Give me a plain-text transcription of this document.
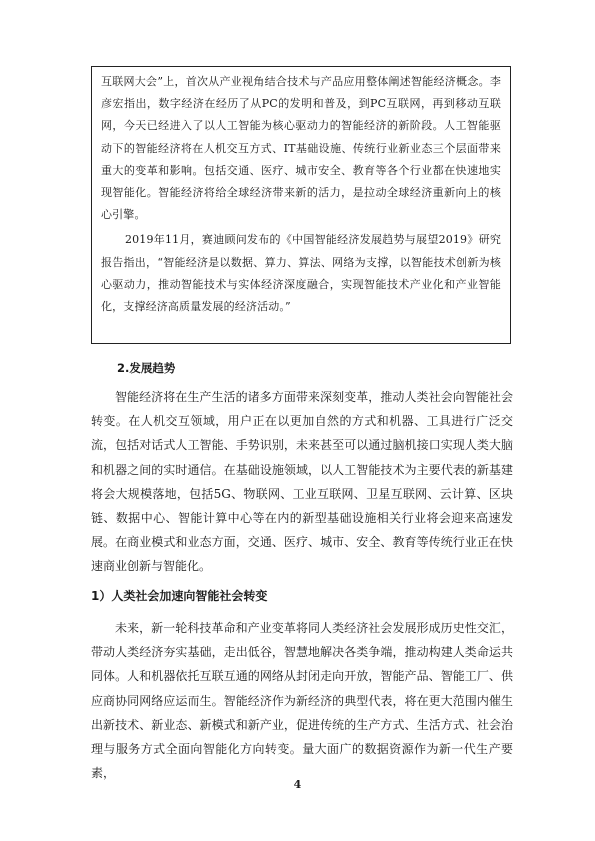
互联网大会”上，首次从产业视角结合技术与产品应用整体阐述智能经济概念。李彦宏指出，数字经济在经历了从PC的发明和普及，到PC互联网，再到移动互联网，今天已经进入了以人工智能为核心驱动力的智能经济的新阶段。人工智能驱动下的智能经济将在人机交互方式、IT基础设施、传统行业新业态三个层面带来重大的变革和影响。包括交通、医疗、城市安全、教育等各个行业都在快速地实现智能化。智能经济将给全球经济带来新的活力，是拉动全球经济重新向上的核心引擎。

2019年11月，赛迪顾问发布的《中国智能经济发展趋势与展望2019》研究报告指出，“智能经济是以数据、算力、算法、网络为支撑，以智能技术创新为核心驱动力，推动智能技术与实体经济深度融合，实现智能技术产业化和产业智能化，支撑经济高质量发展的经济活动。”

2.发展趋势

智能经济将在生产生活的诸多方面带来深刻变革，推动人类社会向智能社会转变。在人机交互领域，用户正在以更加自然的方式和机器、工具进行广泛交流，包括对话式人工智能、手势识别，未来甚至可以通过脑机接口实现人类大脑和机器之间的实时通信。在基础设施领域，以人工智能技术为主要代表的新基建将会大规模落地，包括5G、物联网、工业互联网、卫星互联网、云计算、区块链、数据中心、智能计算中心等在内的新型基础设施相关行业将会迎来高速发展。在商业模式和业态方面，交通、医疗、城市、安全、教育等传统行业正在快速商业创新与智能化。

1）人类社会加速向智能社会转变

未来，新一轮科技革命和产业变革将同人类经济社会发展形成历史性交汇，带动人类经济夯实基础，走出低谷，智慧地解决各类争端，推动构建人类命运共同体。人和机器依托互联互通的网络从封闭走向开放，智能产品、智能工厂、供应商协同网络应运而生。智能经济作为新经济的典型代表，将在更大范围内催生出新技术、新业态、新模式和新产业，促进传统的生产方式、生活方式、社会治理与服务方式全面向智能化方向转变。量大面广的数据资源作为新一代生产要素，

4
